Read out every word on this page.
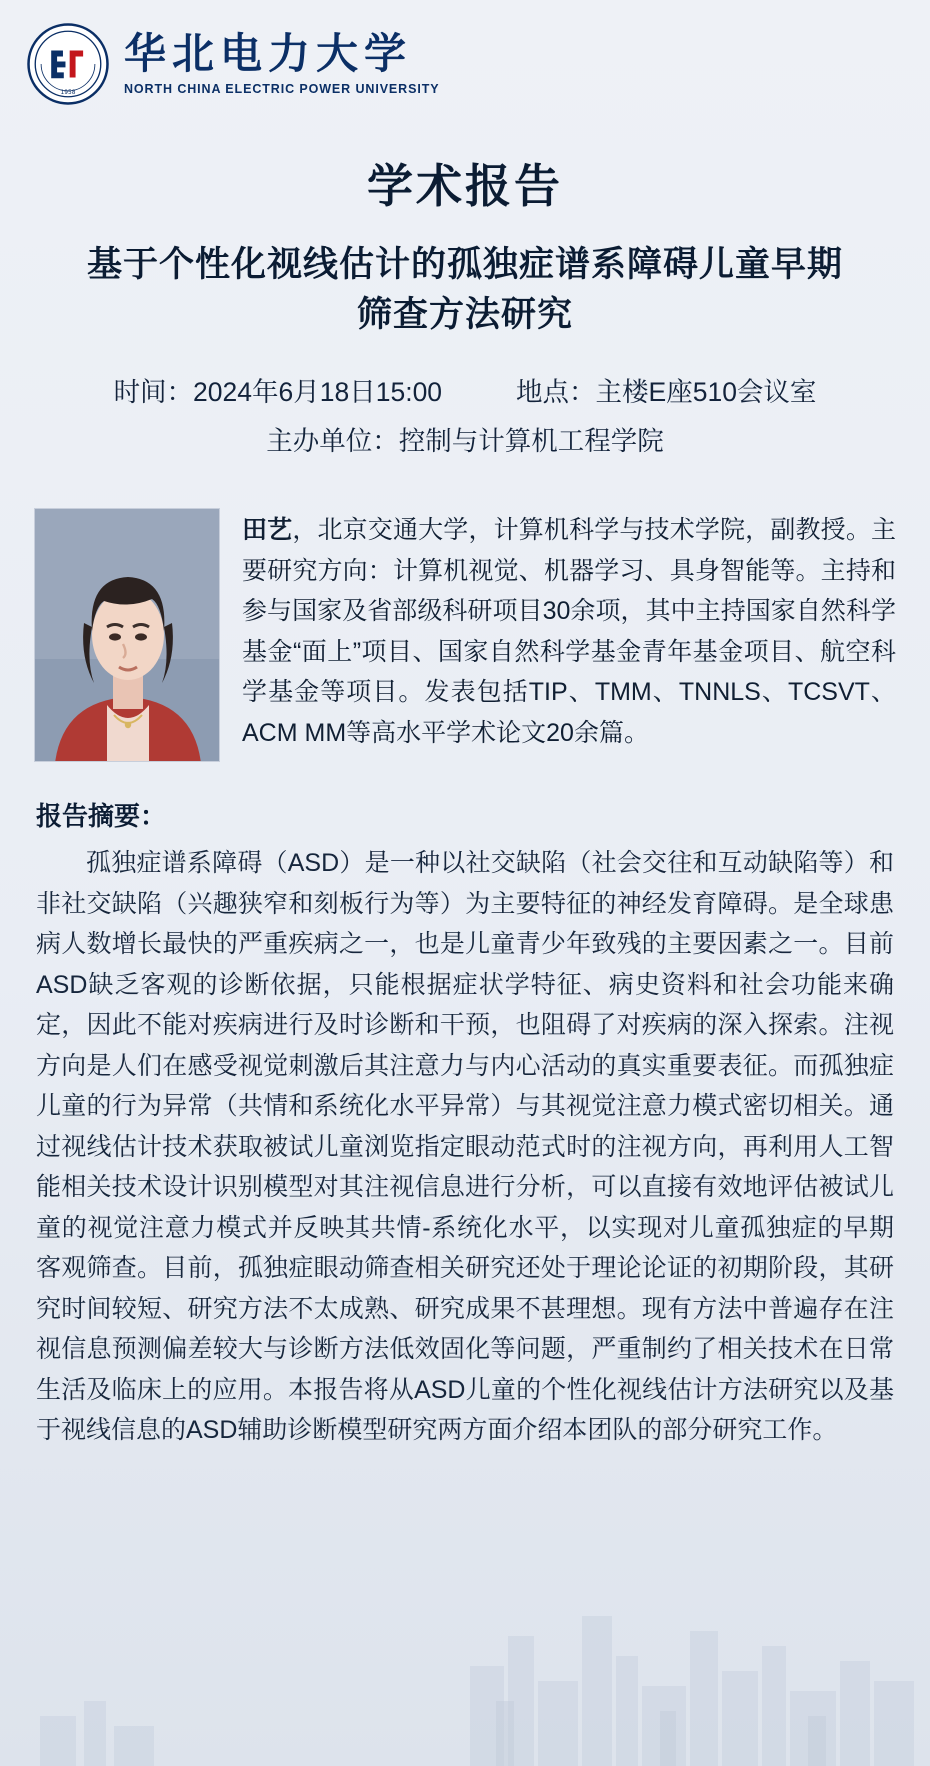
1958
华北电力大学
NORTH CHINA ELECTRIC POWER UNIVERSITY
学术报告
基于个性化视线估计的孤独症谱系障碍儿童早期筛查方法研究
时间：2024年6月18日15:00	地点：主楼E座510会议室
主办单位：控制与计算机工程学院
田艺，北京交通大学，计算机科学与技术学院，副教授。主要研究方向：计算机视觉、机器学习、具身智能等。主持和参与国家及省部级科研项目30余项，其中主持国家自然科学基金“面上”项目、国家自然科学基金青年基金项目、航空科学基金等项目。发表包括TIP、TMM、TNNLS、TCSVT、ACM MM等高水平学术论文20余篇。
报告摘要：
孤独症谱系障碍（ASD）是一种以社交缺陷（社会交往和互动缺陷等）和非社交缺陷（兴趣狭窄和刻板行为等）为主要特征的神经发育障碍。是全球患病人数增长最快的严重疾病之一，也是儿童青少年致残的主要因素之一。目前ASD缺乏客观的诊断依据，只能根据症状学特征、病史资料和社会功能来确定，因此不能对疾病进行及时诊断和干预，也阻碍了对疾病的深入探索。注视方向是人们在感受视觉刺激后其注意力与内心活动的真实重要表征。而孤独症儿童的行为异常（共情和系统化水平异常）与其视觉注意力模式密切相关。通过视线估计技术获取被试儿童浏览指定眼动范式时的注视方向，再利用人工智能相关技术设计识别模型对其注视信息进行分析，可以直接有效地评估被试儿童的视觉注意力模式并反映其共情-系统化水平，以实现对儿童孤独症的早期客观筛查。目前，孤独症眼动筛查相关研究还处于理论论证的初期阶段，其研究时间较短、研究方法不太成熟、研究成果不甚理想。现有方法中普遍存在注视信息预测偏差较大与诊断方法低效固化等问题，严重制约了相关技术在日常生活及临床上的应用。本报告将从ASD儿童的个性化视线估计方法研究以及基于视线信息的ASD辅助诊断模型研究两方面介绍本团队的部分研究工作。
